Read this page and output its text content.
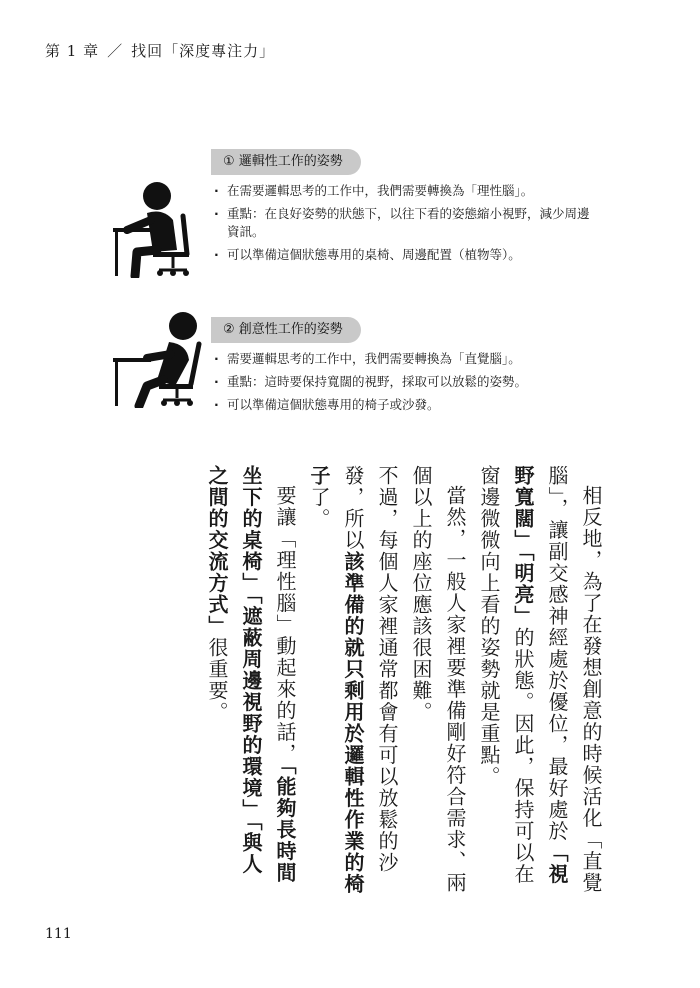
第 1 章 ／ 找回「深度專注力」
① 邏輯性工作的姿勢
· 在需要邏輯思考的工作中，我們需要轉換為「理性腦」。
· 重點：在良好姿勢的狀態下，以往下看的姿態縮小視野，減少周邊資訊。
· 可以準備這個狀態專用的桌椅、周邊配置（植物等）。
② 創意性工作的姿勢
· 需要邏輯思考的工作中，我們需要轉換為「直覺腦」。
· 重點：這時要保持寬闊的視野，採取可以放鬆的姿勢。
· 可以準備這個狀態專用的椅子或沙發。

相反地，為了在發想創意的時候活化「直覺腦」，讓副交感神經處於優位，最好處於「視野寬闊」「明亮」的狀態。因此，保持可以在窗邊微微向上看的姿勢就是重點。

當然，一般人家裡要準備剛好符合需求、兩個以上的座位應該很困難。

不過，每個人家裡通常都會有可以放鬆的沙發，所以該準備的就只剩用於邏輯性作業的椅子了。

要讓「理性腦」動起來的話，「能夠長時間坐下的桌椅」「遮蔽周邊視野的環境」「與人之間的交流方式」很重要。

111
